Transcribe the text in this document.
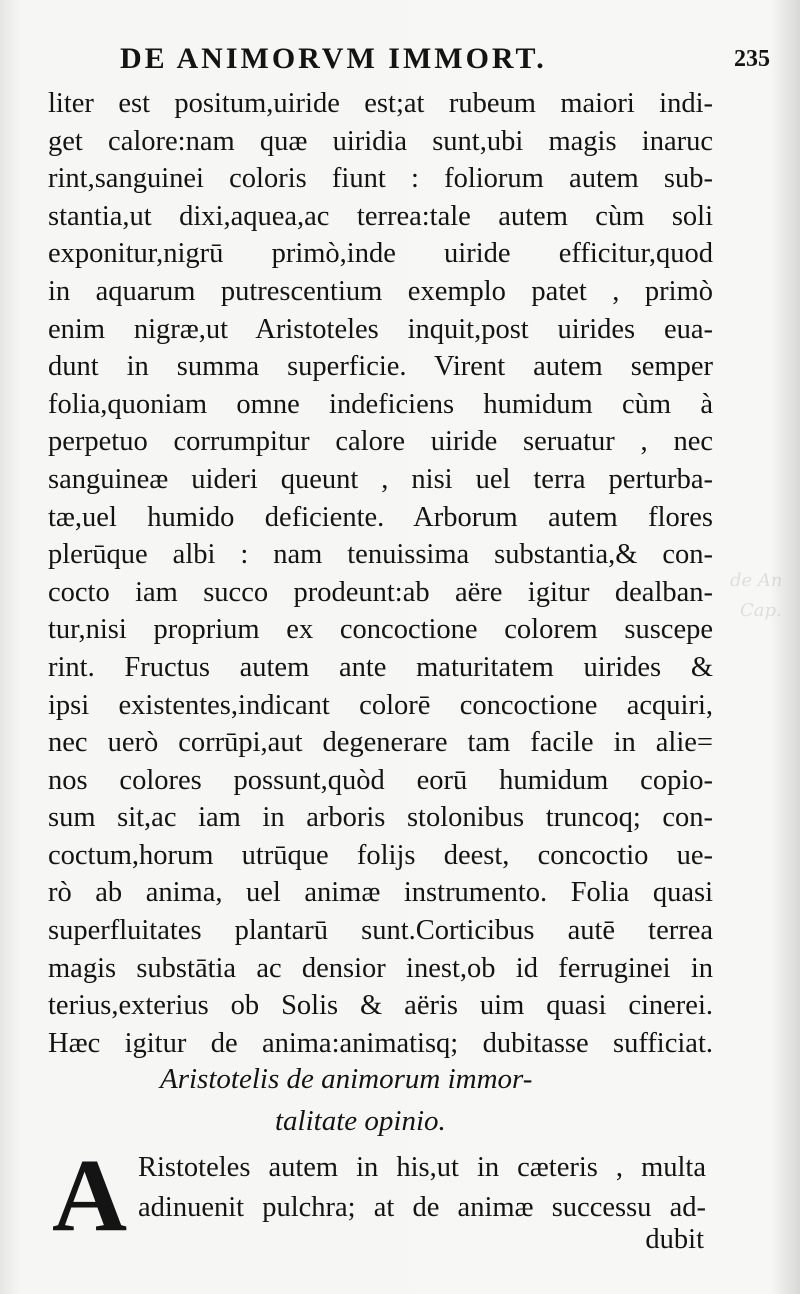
de An
Cap.
DE ANIMORVM IMMORT.	235
liter est positum,uiride est;at rubeum maiori indi-
get calore:nam quæ uiridia sunt,ubi magis inaruc
rint,sanguinei coloris fiunt : foliorum autem sub-
stantia,ut dixi,aquea,ac terrea:tale autem cùm soli
exponitur,nigrū primò,inde uiride efficitur,quod
in aquarum putrescentium exemplo patet , primò
enim nigræ,ut Aristoteles inquit,post uirides eua-
dunt in summa superficie. Virent autem semper
folia,quoniam omne indeficiens humidum cùm à
perpetuo corrumpitur calore uiride seruatur , nec
sanguineæ uideri queunt , nisi uel terra perturba-
tæ,uel humido deficiente. Arborum autem flores
plerūque albi : nam tenuissima substantia,& con-
cocto iam succo prodeunt:ab aëre igitur dealban-
tur,nisi proprium ex concoctione colorem suscepe
rint. Fructus autem ante maturitatem uirides &
ipsi existentes,indicant colorē concoctione acquiri,
nec uerò corrūpi,aut degenerare tam facile in alie=
nos colores possunt,quòd eorū humidum copio-
sum sit,ac iam in arboris stolonibus truncoq; con-
coctum,horum utrūque folijs deest, concoctio ue-
rò ab anima, uel animæ instrumento. Folia quasi
superfluitates plantarū sunt.Corticibus autē terrea
magis substātia ac densior inest,ob id ferruginei in
terius,exterius ob Solis & aëris uim quasi cinerei.
Hæc igitur de anima:animatisq; dubitasse sufficiat.
Aristotelis de animorum immor-
talitate opinio.
A Ristoteles autem in his,ut in cæteris , multa
adinuenit pulchra; at de animæ successu ad-
dubit
